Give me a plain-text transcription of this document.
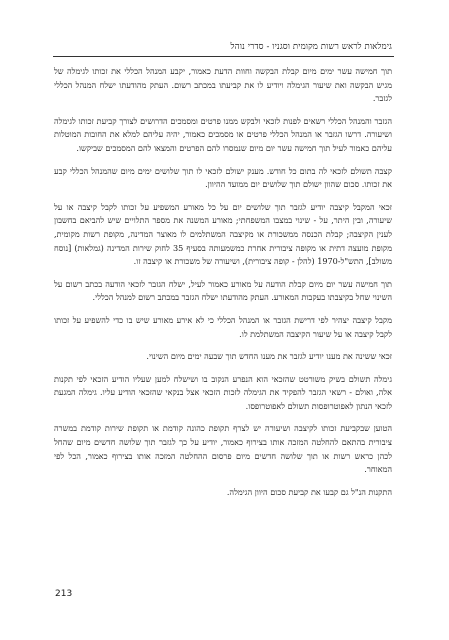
גימלאות לראש רשות מקומית וסגניו - סדרי נוהל

תוך חמישה עשר ימים מיום קבלת הבקשה וחוות הדעת כאמור, יקבע המנהל הכללי את זכותו לגימלה של מגיש הבקשה ואת שיעור הגימלה ויודיע לו את קביעתו במכתב רשום. העתק מהודעתו ישלח המנהל הכללי לגזבר.

הגזבר והמנהל הכללי רשאים לפנות לזכאי ולבקש ממנו פרטים ומסמכים הדרושים לצורך קביעת זכותו לגימלה ושיעורה. דרשו הגזבר או המנהל הכללי פרטים או מסמכים כאמור, יהיה עליהם למלא את החובות המוטלות עליהם כאמור לעיל תוך חמישה עשר יום מיום שנמסרו להם הפרטים והמצאו להם המסמכים שביקשו.

קצבה תשולם לזכאי לה בתום כל חודש. מענק ישולם לזכאי לו תוך שלושים ימים מיום שהמנהל הכללי קבע את זכותו. סכום שהוון ישולם תוך שלושים יום ממועד ההיוון.

זכאי המקבל קיצבה יודיע לגזבר תוך שלושים יום על כל מאורע המשפיע על זכותו לקבל קיצבה או על שיעורה, ובין היתר, על - שינוי במצבו המשפחתי; מאורע המשנה את מספר התלויים שיש להביאם בחשבון לענין הקיצבה; קבלת הכנסה ממשכורת או מקיצבה המשתלמים לו מאוצר המדינה, מקופת רשות מקומית, מקופת מועצה דתית או מקופה ציבורית אחרת כמשמעותה בסעיף 35 לחוק שירות המדינה (גמלאות) [נוסח משולב], התש"ל-1970 (להלן - קופה ציבורית), ושיעורה של משכורת או קיצבה זו.

תוך חמישה עשר יום מיום קבלת הודעה על מאורע כאמור לעיל, ישלח הגזבר לזכאי הודעה בכתב רשום על השינוי שחל בקיצבתו בעקבות המאורע. העתק מהודעתו ישלח הגזבר במכתב רשום למנהל הכללי.

מקבל קיצבה יצהיר לפי דרישת הגזבר או המנהל הכללי כי לא אירע מאורע שיש בו כדי להשפיע על זכותו לקבל קיצבה או על שיעור הקיצבה המשתלמת לו.

זכאי ששינה את מענו יודיע לגזבר את מענו החדש תוך שבעה ימים מיום השינוי.

גימלה תשולם בשיק משורטט שהזכאי הוא הנפרע הנקוב בו ושישלח למען שעליו הודיע הזכאי לפי תקנות אלה, ואולם - רשאי הגזבר להפקיד את הגימלה לזכות הזכאי אצל בנקאי שהזכאי הודיע עליו. גימלה המגעת לזכאי הנתון לאפוטרופסות תשולם לאפוטרופסו.

הטוען שבקביעת זכותו לקיצבה ושיעורה יש לצרף תקופת כהונה קודמת או תקופת שירות קודמת במשרה ציבורית בהתאם להחלטה המזכה אותו בצירוף כאמור, יודיע על כך לגזבר תוך שלושה חדשים מיום שהחל לכהן כראש רשות או תוך שלושה חדשים מיום פרסום ההחלטה המזכה אותו בצירוף כאמור, הכל לפי המאוחר.

התקנות הנ"ל גם קבעו את קביעת סכום היוון הגימלה.

213
